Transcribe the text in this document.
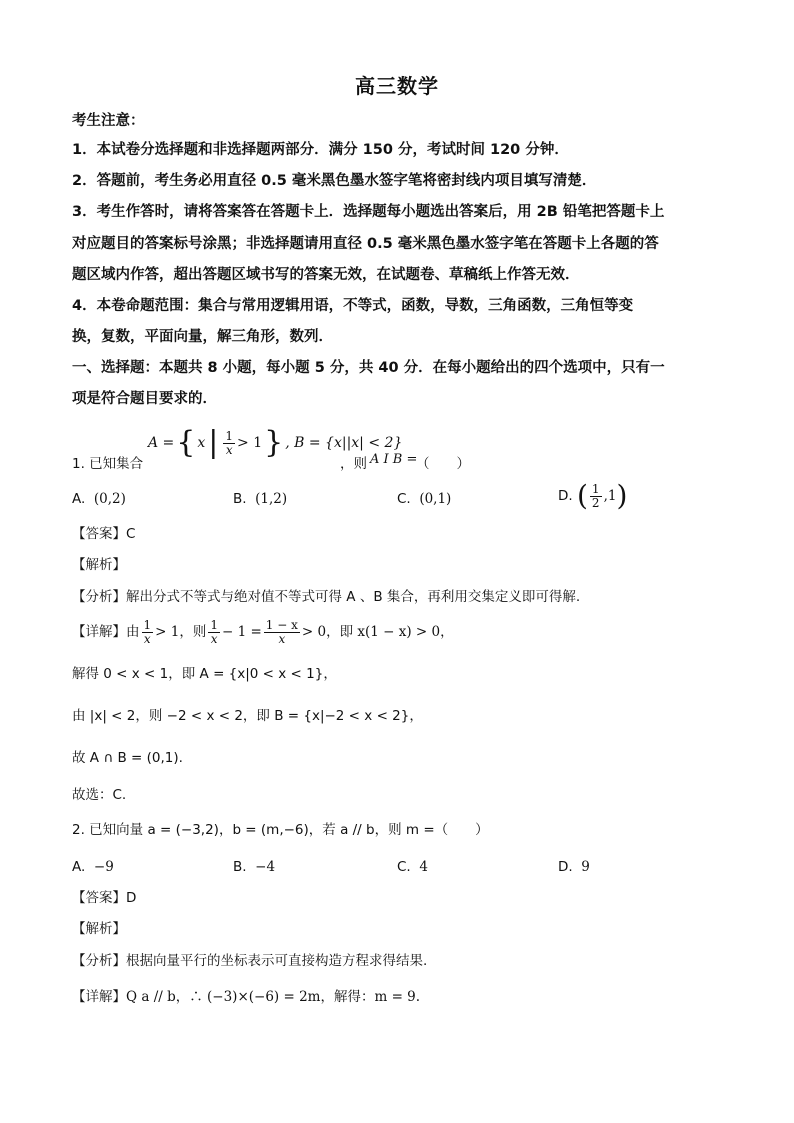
高三数学
考生注意：
1．本试卷分选择题和非选择题两部分．满分 150 分，考试时间 120 分钟．
2．答题前，考生务必用直径 0.5 毫米黑色墨水签字笔将密封线内项目填写清楚．
3．考生作答时，请将答案答在答题卡上．选择题每小题选出答案后，用 2B 铅笔把答题卡上
对应题目的答案标号涂黑；非选择题请用直径 0.5 毫米黑色墨水签字笔在答题卡上各题的答
题区域内作答，超出答题区域书写的答案无效，在试题卷、草稿纸上作答无效．
4．本卷命题范围：集合与常用逻辑用语，不等式，函数，导数，三角函数，三角恒等变
换，复数，平面向量，解三角形，数列．
一、选择题：本题共 8 小题，每小题 5 分，共 40 分．在每小题给出的四个选项中，只有一
项是符合题目要求的．
1. 已知集合
A = { x | $\frac{1}{x} > 1$ } , B = {x||x| < 2}
，则 A I B =
（　　）
A. (0,2)	B. (1,2)	C. (0,1)	D.
( $\frac{1}{2} ,1$ )
【答案】C
【解析】
【分析】解出分式不等式与绝对值不等式可得 A 、B 集合，再利用交集定义即可得解.
【详解】 由 $\frac{1}{x} > 1$，则 $\frac{1}{x} - 1 = \frac{1 - x}{x} > 0$，即 x(1 − x) > 0，
解得 0 < x < 1，即 A = {x|0 < x < 1}，
由 |x| < 2，则 −2 < x < 2，即 B = {x|−2 < x < 2}，
故 A ∩ B = (0,1).
故选：C.
2. 已知向量 a = (−3,2)，b = (m,−6)，若 a // b，则 m =（　　）
A. −9	B. −4	C. 4	D. 9
【答案】D
【解析】
【分析】根据向量平行的坐标表示可直接构造方程求得结果.
【详解】Q a // b，∴ (−3)×(−6) = 2m，解得：m = 9.
